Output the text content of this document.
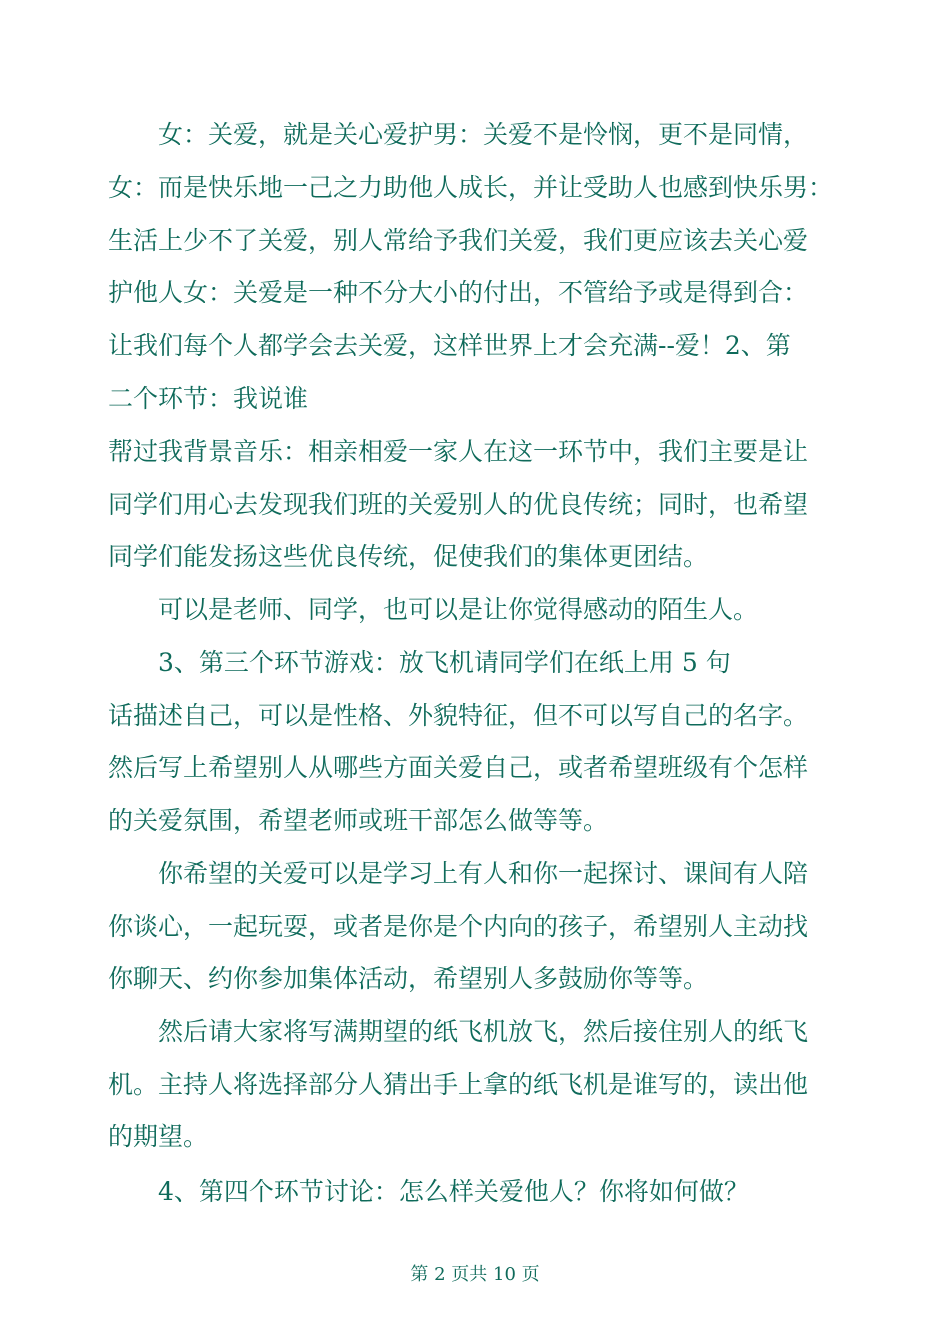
女：关爱，就是关心爱护男：关爱不是怜悯，更不是同情，
女：而是快乐地一己之力助他人成长，并让受助人也感到快乐男：
生活上少不了关爱，别人常给予我们关爱，我们更应该去关心爱
护他人女：关爱是一种不分大小的付出，不管给予或是得到合：
让我们每个人都学会去关爱，这样世界上才会充满--爱！2、第
二个环节：我说谁
帮过我背景音乐：相亲相爱一家人在这一环节中，我们主要是让
同学们用心去发现我们班的关爱别人的优良传统；同时，也希望
同学们能发扬这些优良传统，促使我们的集体更团结。
可以是老师、同学，也可以是让你觉得感动的陌生人。
3、第三个环节游戏：放飞机请同学们在纸上用 5 句
话描述自己，可以是性格、外貌特征，但不可以写自己的名字。
然后写上希望别人从哪些方面关爱自己，或者希望班级有个怎样
的关爱氛围，希望老师或班干部怎么做等等。
你希望的关爱可以是学习上有人和你一起探讨、课间有人陪
你谈心，一起玩耍，或者是你是个内向的孩子，希望别人主动找
你聊天、约你参加集体活动，希望别人多鼓励你等等。
然后请大家将写满期望的纸飞机放飞，然后接住别人的纸飞
机。主持人将选择部分人猜出手上拿的纸飞机是谁写的，读出他
的期望。
4、第四个环节讨论：怎么样关爱他人？你将如何做？
第 2 页共 10 页
